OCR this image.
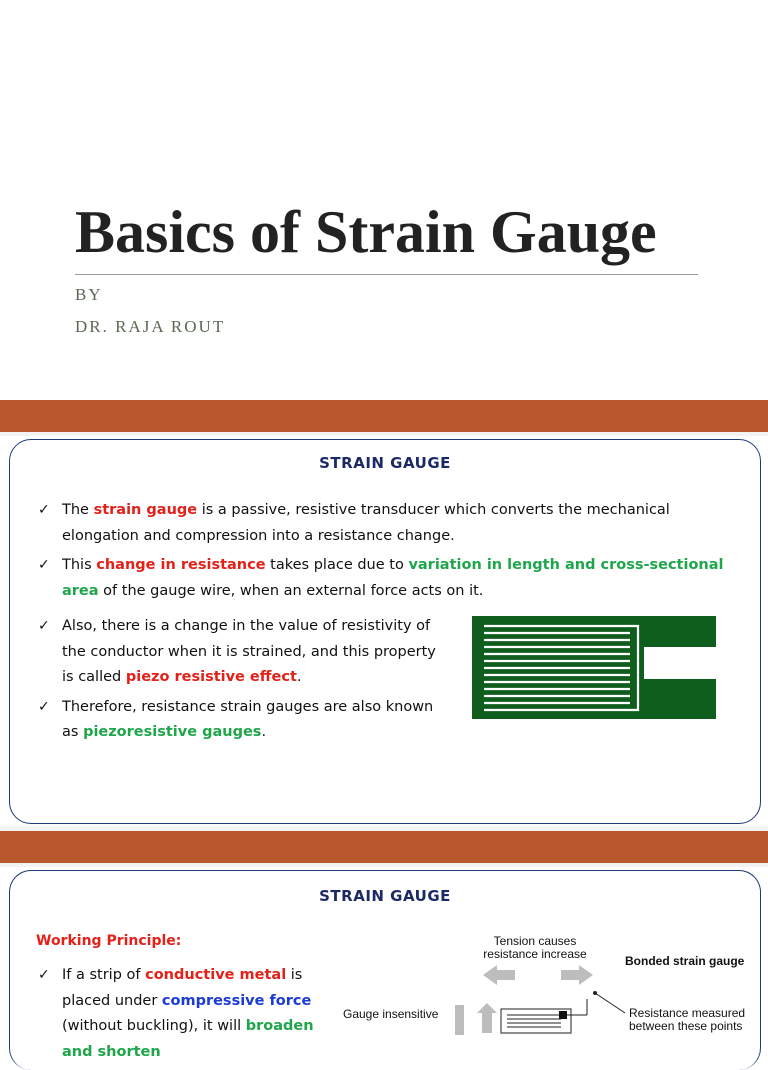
Basics of Strain Gauge
BY
DR. RAJA ROUT
STRAIN GAUGE
✓ The strain gauge is a passive, resistive transducer which converts the mechanical elongation and compression into a resistance change.
✓ This change in resistance takes place due to variation in length and cross-sectional area of the gauge wire, when an external force acts on it.
✓ Also, there is a change in the value of resistivity of the conductor when it is strained, and this property is called piezo resistive effect.
✓ Therefore, resistance strain gauges are also known as piezoresistive gauges.
STRAIN GAUGE
Working Principle:
✓ If a strip of conductive metal is placed under compressive force (without buckling), it will broaden and shorten
Tension causes
resistance increase	Bonded strain gauge
Gauge insensitive	Resistance measured
between these points
